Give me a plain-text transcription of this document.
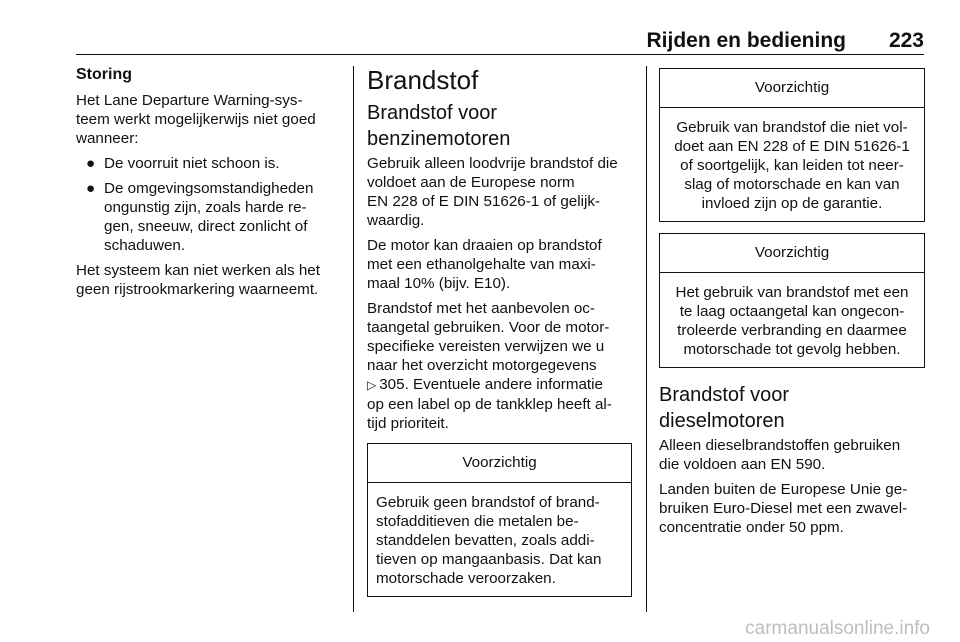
Rijden en bediening 223
Storing
Het Lane Departure Warning-sys-
teem werkt mogelijkerwijs niet goed
wanneer:
● De voorruit niet schoon is.
● De omgevingsomstandigheden
ongunstig zijn, zoals harde re-
gen, sneeuw, direct zonlicht of
schaduwen.
Het systeem kan niet werken als het
geen rijstrookmarkering waarneemt.
Brandstof
Brandstof voor
benzinemotoren
Gebruik alleen loodvrije brandstof die
voldoet aan de Europese norm
EN 228 of E DIN 51626-1 of gelijk-
waardig.
De motor kan draaien op brandstof
met een ethanolgehalte van maxi-
maal 10% (bijv. E10).
Brandstof met het aanbevolen oc-
taangetal gebruiken. Voor de motor-
specifieke vereisten verwijzen we u
naar het overzicht motorgegevens
▷ 305. Eventuele andere informatie
op een label op de tankklep heeft al-
tijd prioriteit.
Voorzichtig
Gebruik geen brandstof of brand-
stofadditieven die metalen be-
standdelen bevatten, zoals addi-
tieven op mangaanbasis. Dat kan
motorschade veroorzaken.
Voorzichtig
Gebruik van brandstof die niet vol-
doet aan EN 228 of E DIN 51626-1
of soortgelijk, kan leiden tot neer-
slag of motorschade en kan van
invloed zijn op de garantie.
Voorzichtig
Het gebruik van brandstof met een
te laag octaangetal kan ongecon-
troleerde verbranding en daarmee
motorschade tot gevolg hebben.
Brandstof voor
dieselmotoren
Alleen dieselbrandstoffen gebruiken
die voldoen aan EN 590.
Landen buiten de Europese Unie ge-
bruiken Euro-Diesel met een zwavel-
concentratie onder 50 ppm.
carmanualsonline.info
